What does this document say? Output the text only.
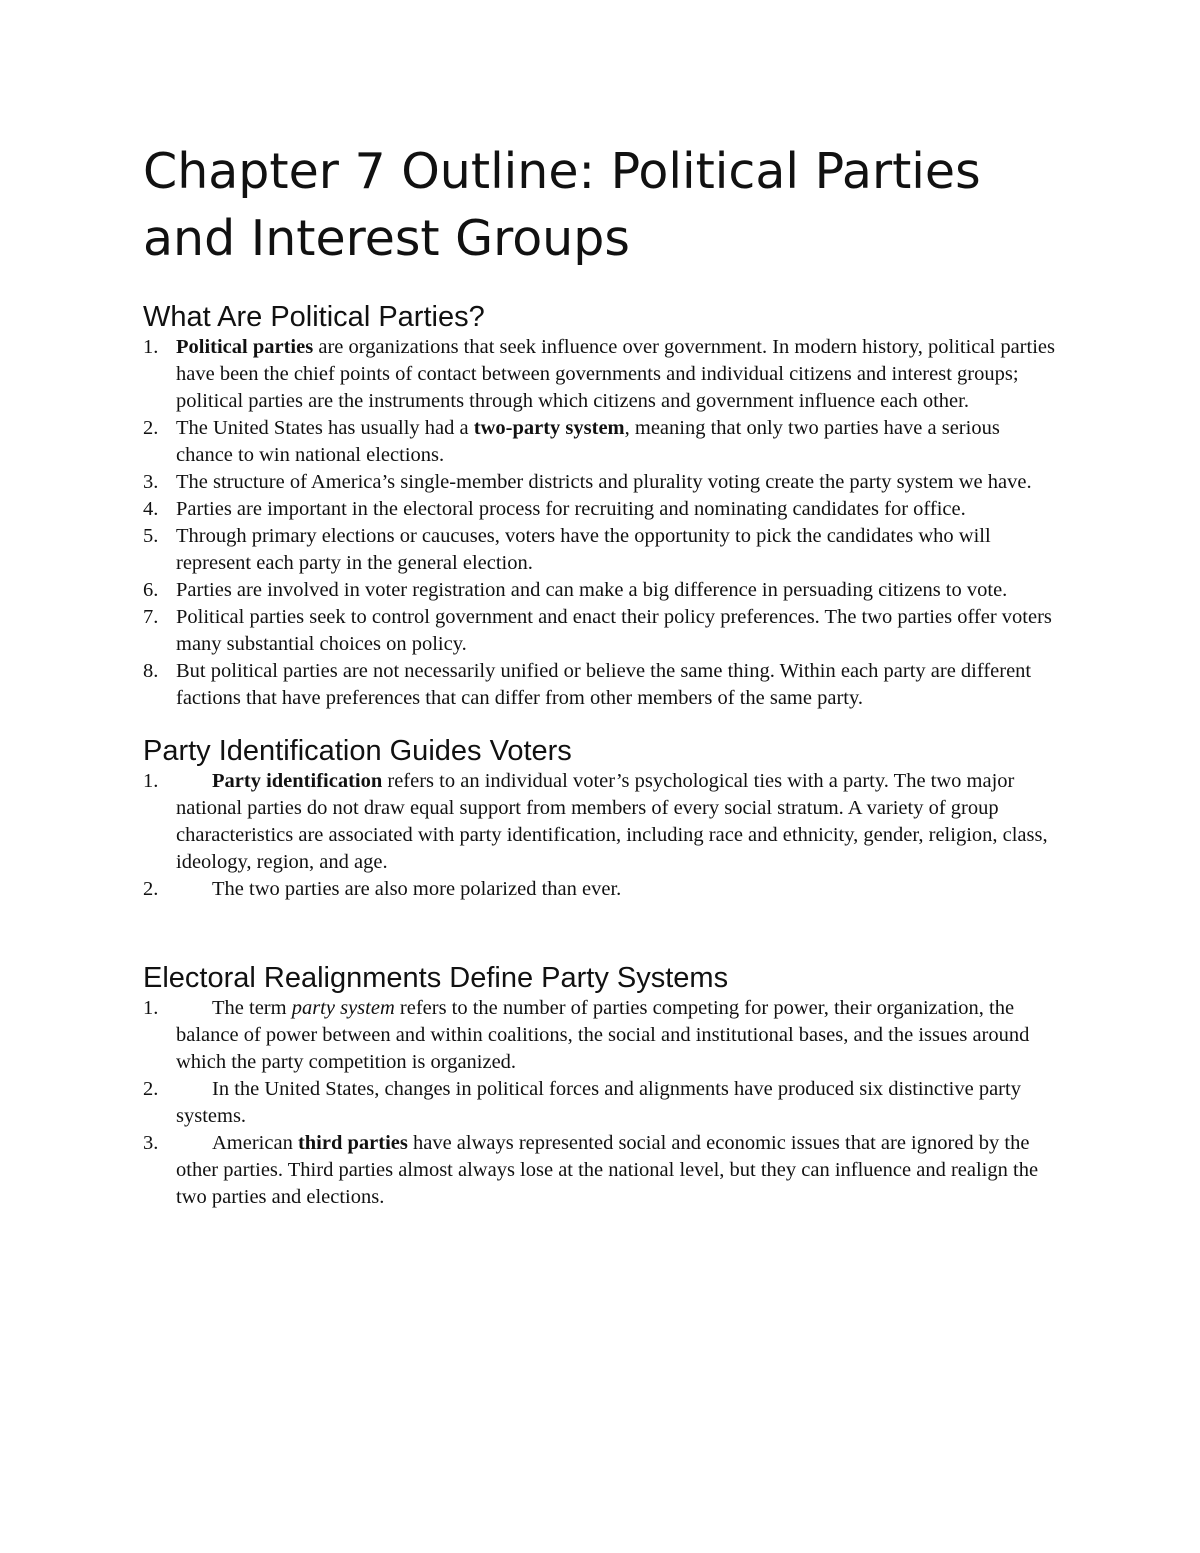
Chapter 7 Outline: Political Parties and Interest Groups
What Are Political Parties?
1. Political parties are organizations that seek influence over government. In modern history, political parties have been the chief points of contact between governments and individual citizens and interest groups; political parties are the instruments through which citizens and government influence each other.
2. The United States has usually had a two-party system, meaning that only two parties have a serious chance to win national elections.
3. The structure of America’s single-member districts and plurality voting create the party system we have.
4. Parties are important in the electoral process for recruiting and nominating candidates for office.
5. Through primary elections or caucuses, voters have the opportunity to pick the candidates who will represent each party in the general election.
6. Parties are involved in voter registration and can make a big difference in persuading citizens to vote.
7. Political parties seek to control government and enact their policy preferences. The two parties offer voters many substantial choices on policy.
8. But political parties are not necessarily unified or believe the same thing. Within each party are different factions that have preferences that can differ from other members of the same party.
Party Identification Guides Voters
1.	Party identification refers to an individual voter’s psychological ties with a party. The two major national parties do not draw equal support from members of every social stratum. A variety of group characteristics are associated with party identification, including race and ethnicity, gender, religion, class, ideology, region, and age.
2.	The two parties are also more polarized than ever.
Electoral Realignments Define Party Systems
1.	The term party system refers to the number of parties competing for power, their organization, the balance of power between and within coalitions, the social and institutional bases, and the issues around which the party competition is organized.
2.	In the United States, changes in political forces and alignments have produced six distinctive party systems.
3.	American third parties have always represented social and economic issues that are ignored by the other parties. Third parties almost always lose at the national level, but they can influence and realign the two parties and elections.
